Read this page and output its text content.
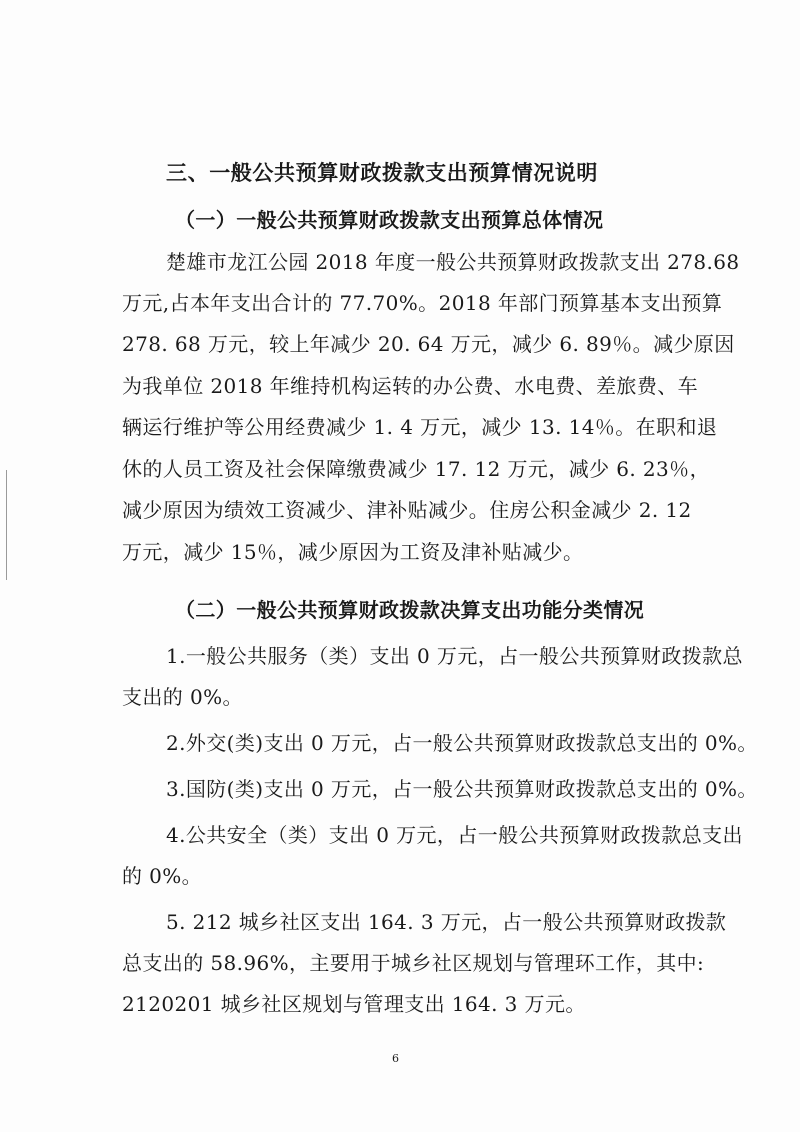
三、一般公共预算财政拨款支出预算情况说明
（一）一般公共预算财政拨款支出预算总体情况
楚雄市龙江公园 2018 年度一般公共预算财政拨款支出 278.68
万元,占本年支出合计的 77.70%。2018 年部门预算基本支出预算
278. 68 万元，较上年减少 20. 64 万元，减少 6. 89％。减少原因
为我单位 2018 年维持机构运转的办公费、水电费、差旅费、车
辆运行维护等公用经费减少 1. 4 万元，减少 13. 14％。在职和退
休的人员工资及社会保障缴费减少 17. 12 万元，减少 6. 23％，
减少原因为绩效工资减少、津补贴减少。住房公积金减少 2. 12
万元，减少 15％，减少原因为工资及津补贴减少。
（二）一般公共预算财政拨款决算支出功能分类情况
1.一般公共服务（类）支出 0 万元，占一般公共预算财政拨款总
支出的 0%。
2.外交(类)支出 0 万元，占一般公共预算财政拨款总支出的 0%。
3.国防(类)支出 0 万元，占一般公共预算财政拨款总支出的 0%。
4.公共安全（类）支出 0 万元，占一般公共预算财政拨款总支出
的 0%。
5. 212 城乡社区支出 164. 3 万元，占一般公共预算财政拨款
总支出的 58.96%，主要用于城乡社区规划与管理环工作，其中:
2120201 城乡社区规划与管理支出 164. 3 万元。
6
